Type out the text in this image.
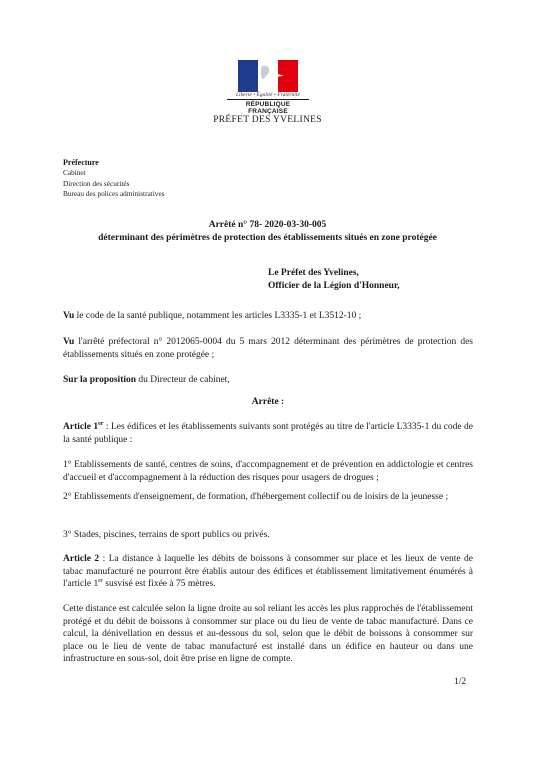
Liberté • Égalité • Fraternité
RÉPUBLIQUE FRANÇAISE
PRÉFET DES YVELINES
Préfecture
Cabinet
Direction des sécurités
Bureau des polices administratives
Arrêté n° 78- 2020-03-30-005
déterminant des périmètres de protection des établissements situés en zone protégée
Le Préfet des Yvelines,
Officier de la Légion d'Honneur,
Vu le code de la santé publique, notamment les articles L3335-1 et L3512-10 ;
Vu l'arrêté préfectoral n° 2012065-0004 du 5 mars 2012 déterminant des périmètres de protection des établissements situés en zone protégée ;
Sur la proposition du Directeur de cabinet,
Arrête :
Article 1er : Les édifices et les établissements suivants sont protégés au titre de l'article L3335-1 du code de la santé publique :
1° Etablissements de santé, centres de soins, d'accompagnement et de prévention en addictologie et centres d'accueil et d'accompagnement à la réduction des risques pour usagers de drogues ;
2° Etablissements d'enseignement, de formation, d'hébergement collectif ou de loisirs de la jeunesse ;
3° Stades, piscines, terrains de sport publics ou privés.
Article 2 : La distance à laquelle les débits de boissons à consommer sur place et les lieux de vente de tabac manufacturé ne pourront être établis autour des édifices et établissement limitativement énumérés à l'article 1er susvisé est fixée à 75 mètres.
Cette distance est calculée selon la ligne droite au sol reliant les accès les plus rapprochés de l'établissement protégé et du débit de boissons à consommer sur place ou du lieu de vente de tabac manufacturé. Dans ce calcul, la dénivellation en dessus et au-dessous du sol, selon que le débit de boissons à consommer sur place ou le lieu de vente de tabac manufacturé est installé dans un édifice en hauteur ou dans une infrastructure en sous-sol, doit être prise en ligne de compte.
1/2
